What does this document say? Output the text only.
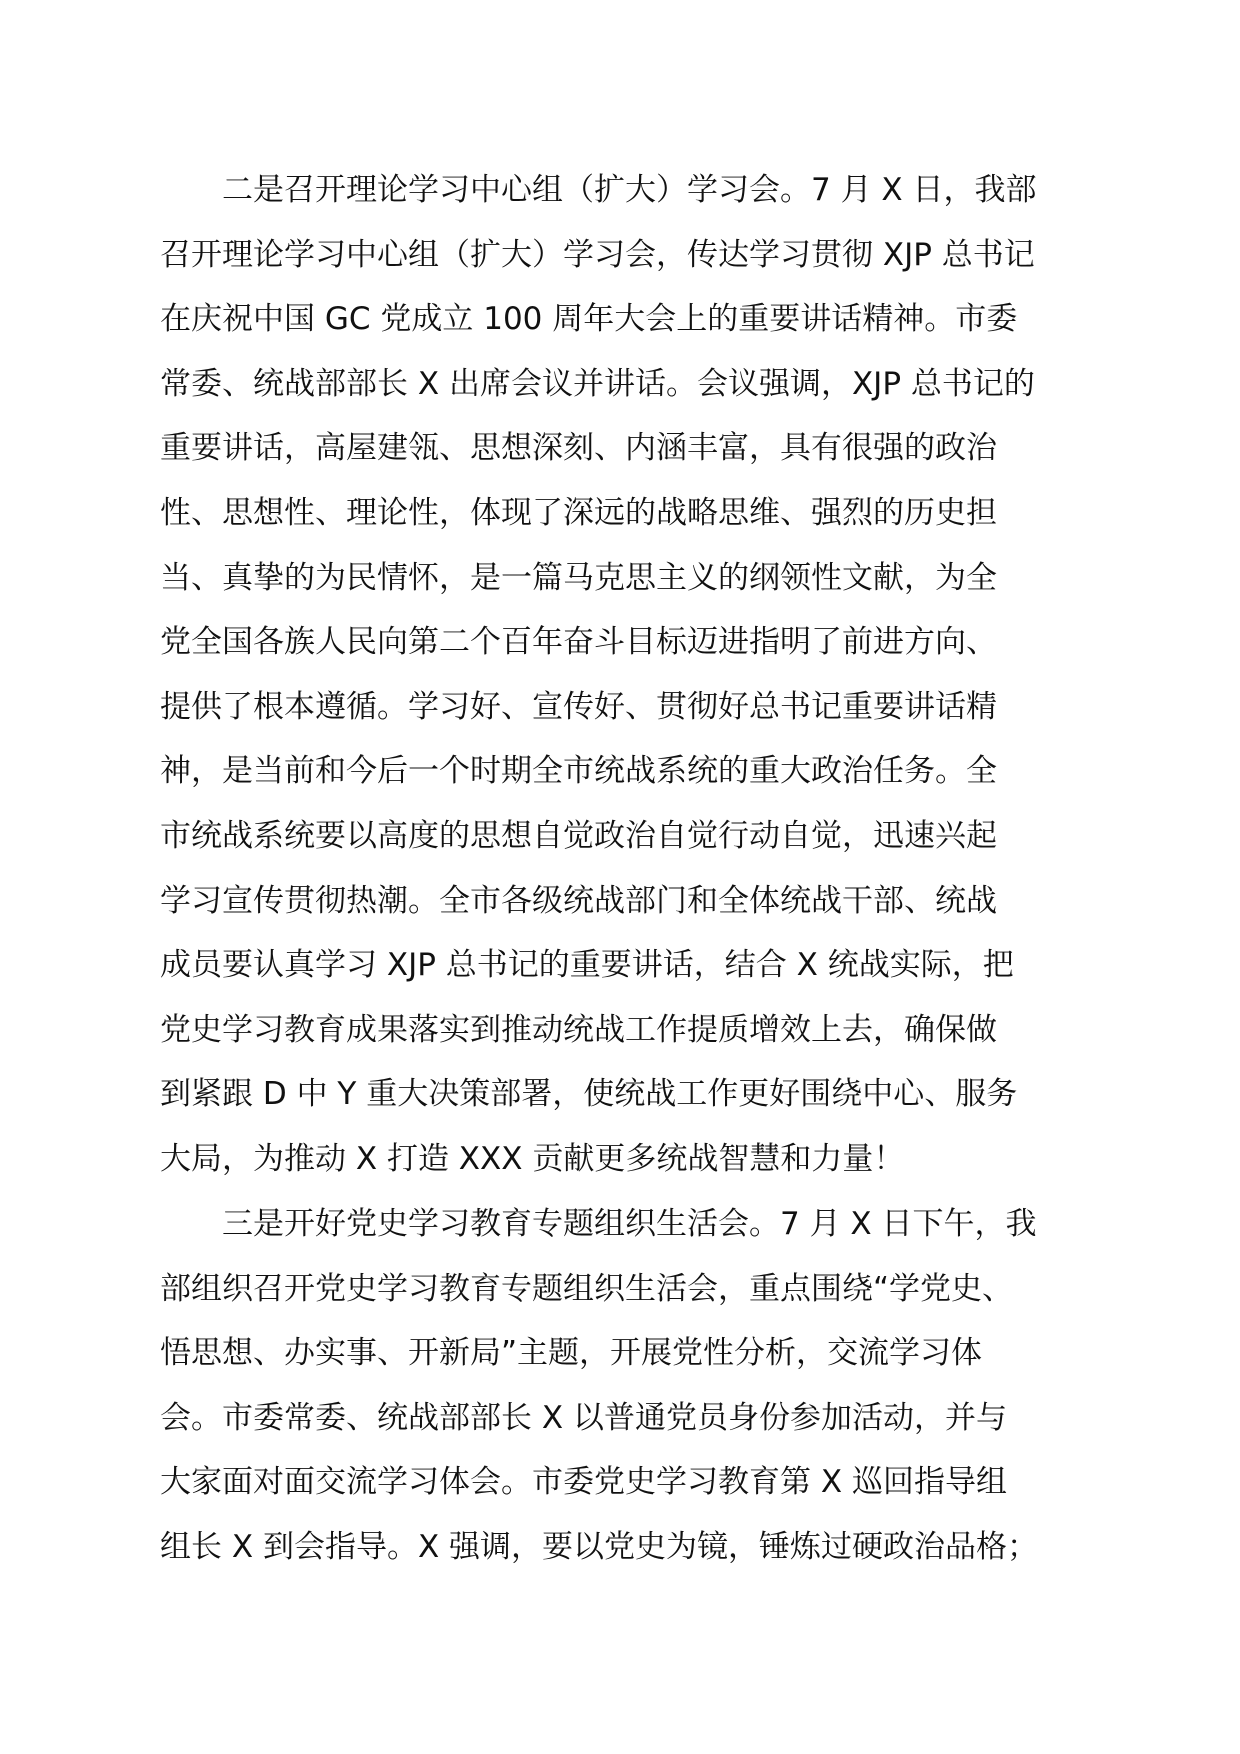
二是召开理论学习中心组（扩大）学习会。7 月 X 日，我部
召开理论学习中心组（扩大）学习会，传达学习贯彻 XJP 总书记
在庆祝中国 GC 党成立 100 周年大会上的重要讲话精神。市委
常委、统战部部长 X 出席会议并讲话。会议强调，XJP 总书记的
重要讲话，高屋建瓴、思想深刻、内涵丰富，具有很强的政治
性、思想性、理论性，体现了深远的战略思维、强烈的历史担
当、真挚的为民情怀，是一篇马克思主义的纲领性文献，为全
党全国各族人民向第二个百年奋斗目标迈进指明了前进方向、
提供了根本遵循。学习好、宣传好、贯彻好总书记重要讲话精
神，是当前和今后一个时期全市统战系统的重大政治任务。全
市统战系统要以高度的思想自觉政治自觉行动自觉，迅速兴起
学习宣传贯彻热潮。全市各级统战部门和全体统战干部、统战
成员要认真学习 XJP 总书记的重要讲话，结合 X 统战实际，把
党史学习教育成果落实到推动统战工作提质增效上去，确保做
到紧跟 D 中 Y 重大决策部署，使统战工作更好围绕中心、服务
大局，为推动 X 打造 XXX 贡献更多统战智慧和力量！
三是开好党史学习教育专题组织生活会。7 月 X 日下午，我
部组织召开党史学习教育专题组织生活会，重点围绕“学党史、
悟思想、办实事、开新局”主题，开展党性分析，交流学习体
会。市委常委、统战部部长 X 以普通党员身份参加活动，并与
大家面对面交流学习体会。市委党史学习教育第 X 巡回指导组
组长 X 到会指导。X 强调，要以党史为镜，锤炼过硬政治品格；
